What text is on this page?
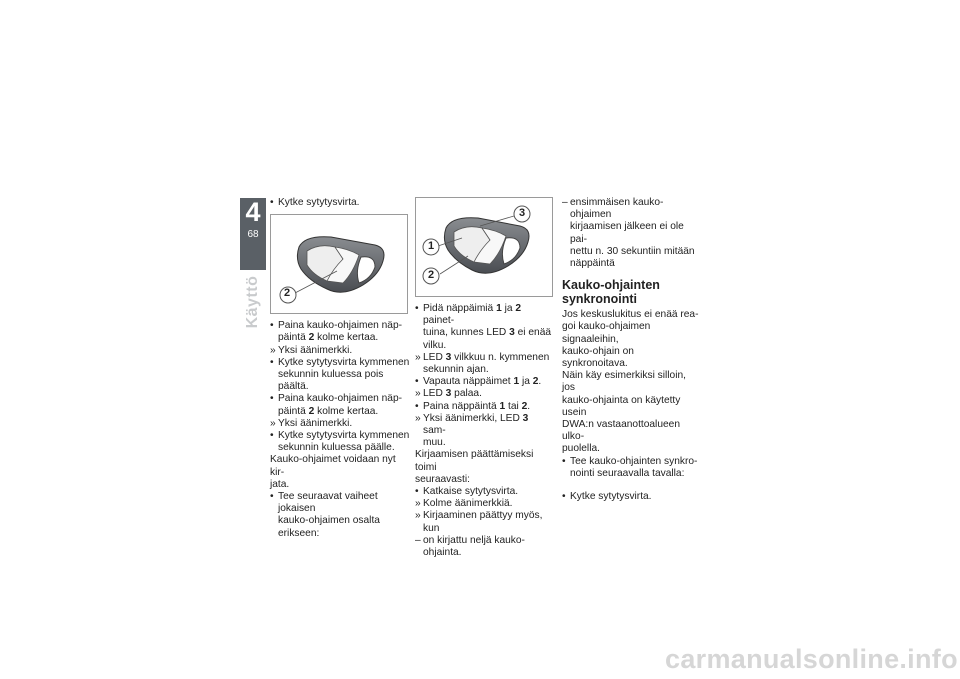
4
68
Käyttö
• Kytke sytytysvirta.
2
• Paina kauko-ohjaimen näp-
päintä 2 kolme kertaa.
» Yksi äänimerkki.
• Kytke sytytysvirta kymmenen
sekunnin kuluessa pois päältä.
• Paina kauko-ohjaimen näp-
päintä 2 kolme kertaa.
» Yksi äänimerkki.
• Kytke sytytysvirta kymmenen
sekunnin kuluessa päälle.
Kauko-ohjaimet voidaan nyt kir-
jata.
• Tee seuraavat vaiheet jokaisen
kauko-ohjaimen osalta erikseen:
3
1
2
• Pidä näppäimiä 1 ja 2 painet-
tuina, kunnes LED 3 ei enää
vilku.
» LED 3 vilkkuu n. kymmenen
sekunnin ajan.
• Vapauta näppäimet 1 ja 2.
» LED 3 palaa.
• Paina näppäintä 1 tai 2.
» Yksi äänimerkki, LED 3 sam-
muu.
Kirjaamisen päättämiseksi toimi
seuraavasti:
• Katkaise sytytysvirta.
» Kolme äänimerkkiä.
» Kirjaaminen päättyy myös, kun
– on kirjattu neljä kauko-ohjainta.
– ensimmäisen kauko-ohjaimen
kirjaamisen jälkeen ei ole pai-
nettu n. 30 sekuntiin mitään
näppäintä
Kauko-ohjainten
synkronointi
Jos keskuslukitus ei enää rea-
goi kauko-ohjaimen signaaleihin,
kauko-ohjain on synkronoitava.
Näin käy esimerkiksi silloin, jos
kauko-ohjainta on käytetty usein
DWA:n vastaanottoalueen ulko-
puolella.
• Tee kauko-ohjainten synkro-
nointi seuraavalla tavalla:
• Kytke sytytysvirta.
carmanualsonline.info
